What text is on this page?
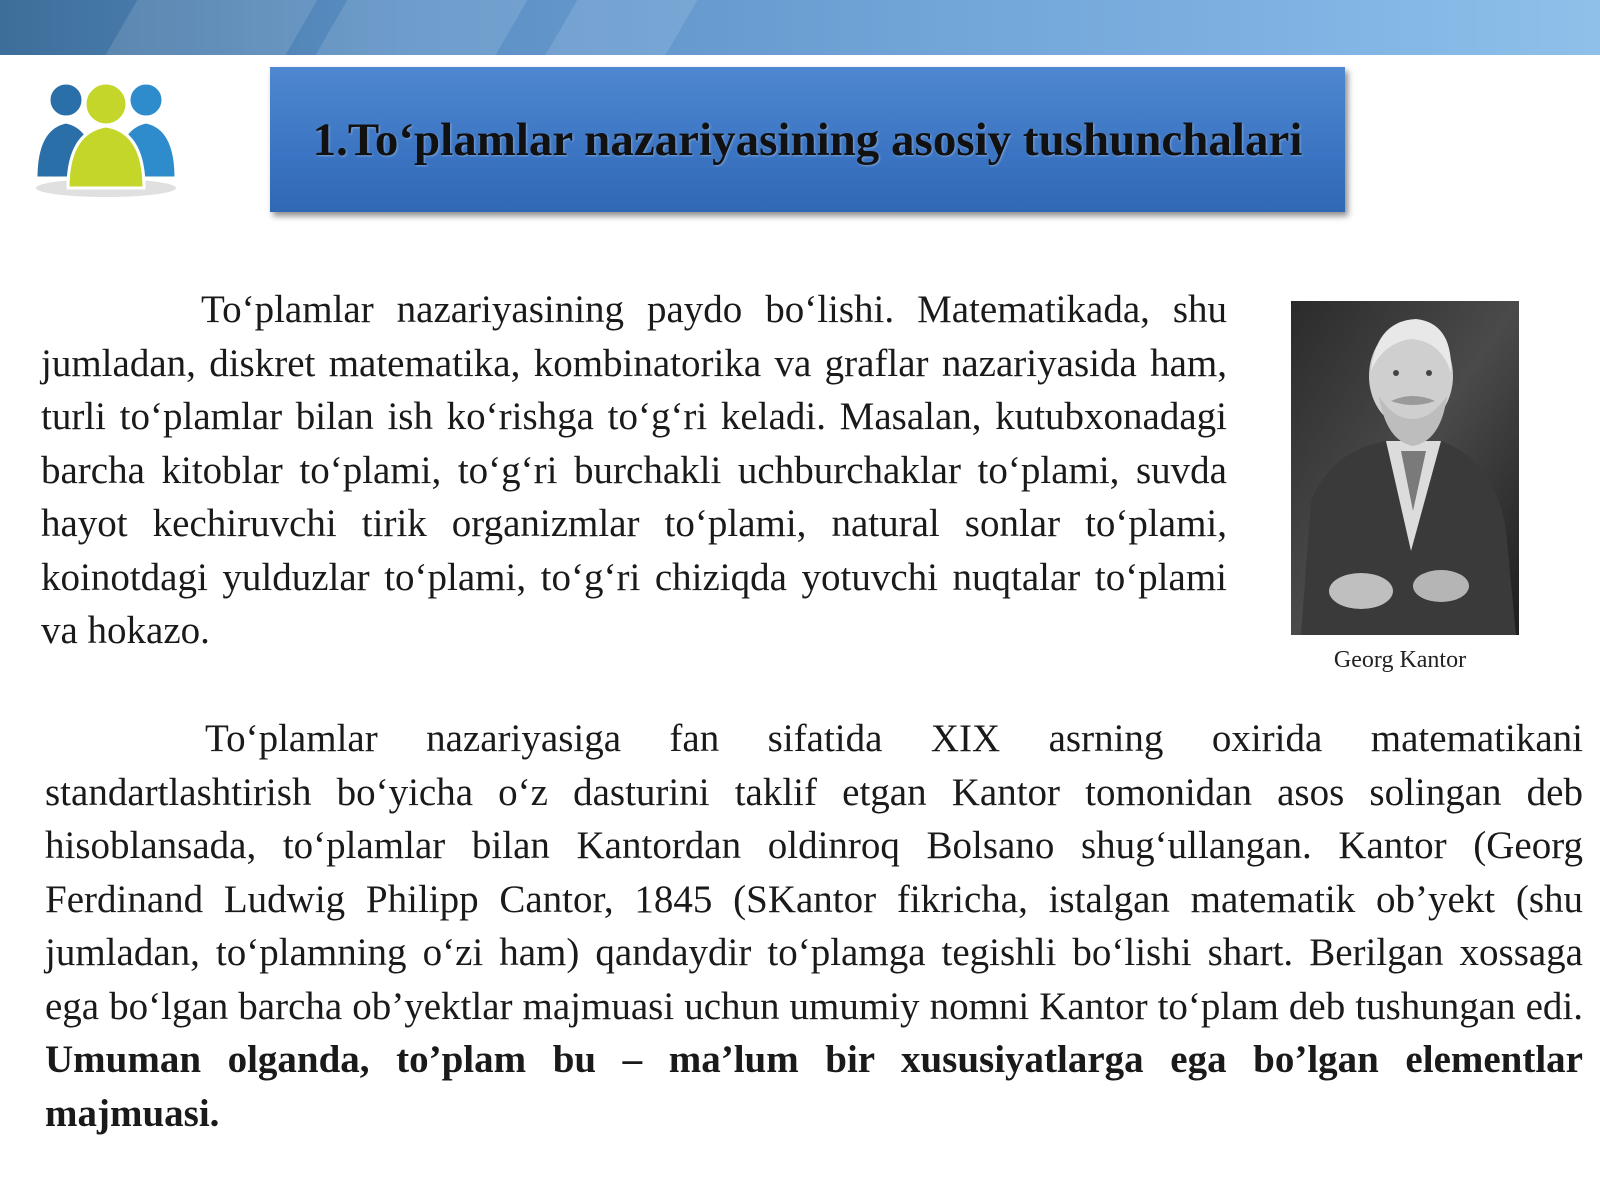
1.To‘plamlar nazariyasining asosiy tushunchalari

To‘plamlar nazariyasining paydo bo‘lishi. Matematikada, shu jumladan, diskret matematika, kombinatorika va graflar nazariyasida ham, turli to‘plamlar bilan ish ko‘rishga to‘g‘ri keladi. Masalan, kutubxonadagi barcha kitoblar to‘plami, to‘g‘ri burchakli uchburchaklar to‘plami, suvda hayot kechiruvchi tirik organizmlar to‘plami, natural sonlar to‘plami, koinotdagi yulduzlar to‘plami, to‘g‘ri chiziqda yotuvchi nuqtalar to‘plami va hokazo.

Georg Kantor

To‘plamlar nazariyasiga fan sifatida XIX asrning oxirida matematikani standartlashtirish bo‘yicha o‘z dasturini taklif etgan Kantor tomonidan asos solingan deb hisoblansada, to‘plamlar bilan Kantordan oldinroq Bolsano shug‘ullangan. Kantor (Georg Ferdinand Ludwig Philipp Cantor, 1845 (SKantor fikricha, istalgan matematik ob’yekt (shu jumladan, to‘plamning o‘zi ham) qandaydir to‘plamga tegishli bo‘lishi shart. Berilgan xossaga ega bo‘lgan barcha ob’yektlar majmuasi uchun umumiy nomni Kantor to‘plam deb tushungan edi. Umuman olganda, to’plam bu – ma’lum bir xususiyatlarga ega bo’lgan elementlar majmuasi.
